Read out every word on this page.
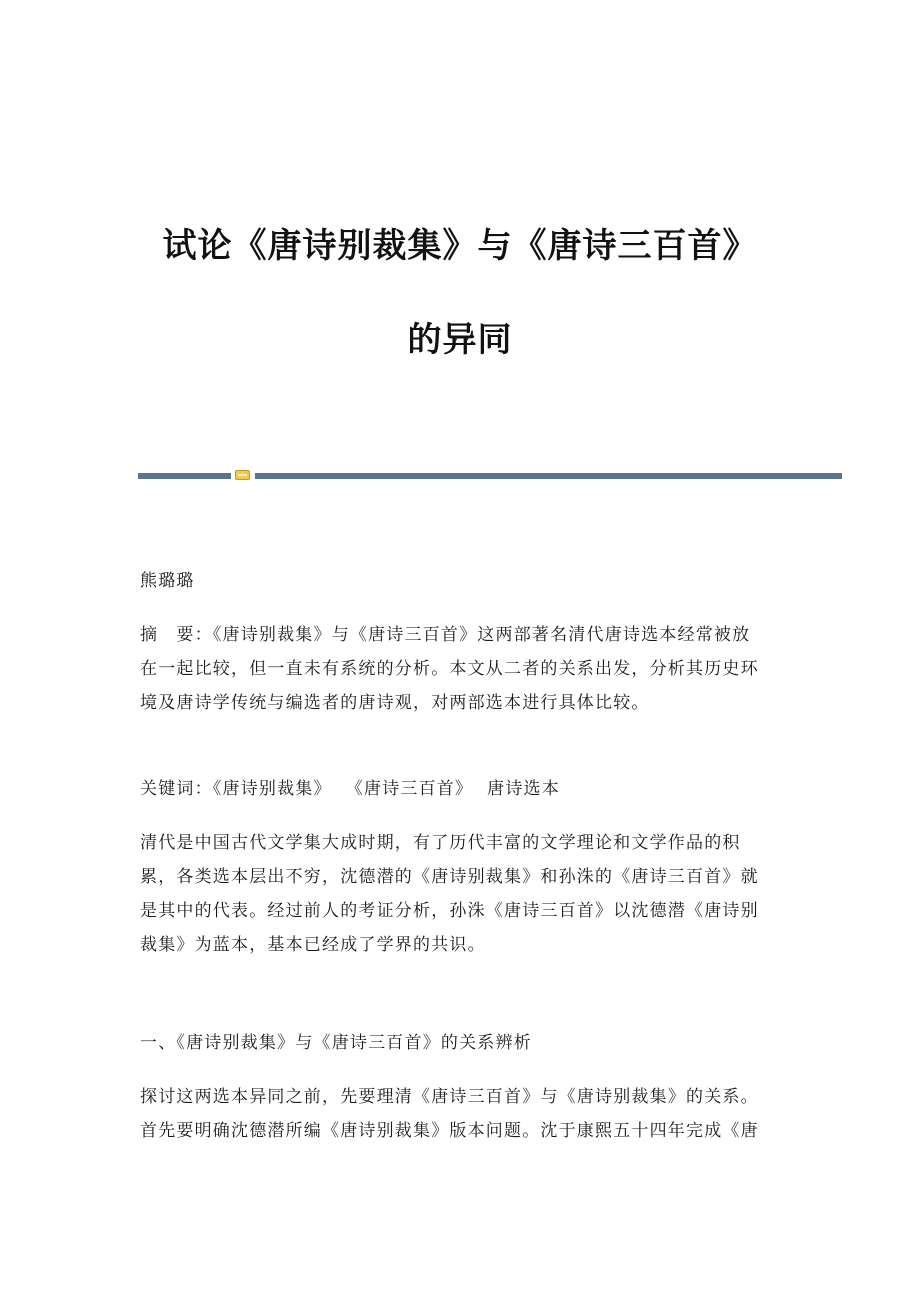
试论《唐诗别裁集》与《唐诗三百首》
的异同

熊璐璐

摘　要：《唐诗别裁集》与《唐诗三百首》这两部著名清代唐诗选本经常被放
在一起比较，但一直未有系统的分析。本文从二者的关系出发，分析其历史环
境及唐诗学传统与编选者的唐诗观，对两部选本进行具体比较。

关键词：《唐诗别裁集》 《唐诗三百首》 唐诗选本

清代是中国古代文学集大成时期，有了历代丰富的文学理论和文学作品的积
累，各类选本层出不穷，沈德潜的《唐诗别裁集》和孙洙的《唐诗三百首》就
是其中的代表。经过前人的考证分析，孙洙《唐诗三百首》以沈德潜《唐诗别
裁集》为蓝本，基本已经成了学界的共识。

一、《唐诗别裁集》与《唐诗三百首》的关系辨析

探讨这两选本异同之前，先要理清《唐诗三百首》与《唐诗别裁集》的关系。
首先要明确沈德潜所编《唐诗别裁集》版本问题。沈于康熙五十四年完成《唐
